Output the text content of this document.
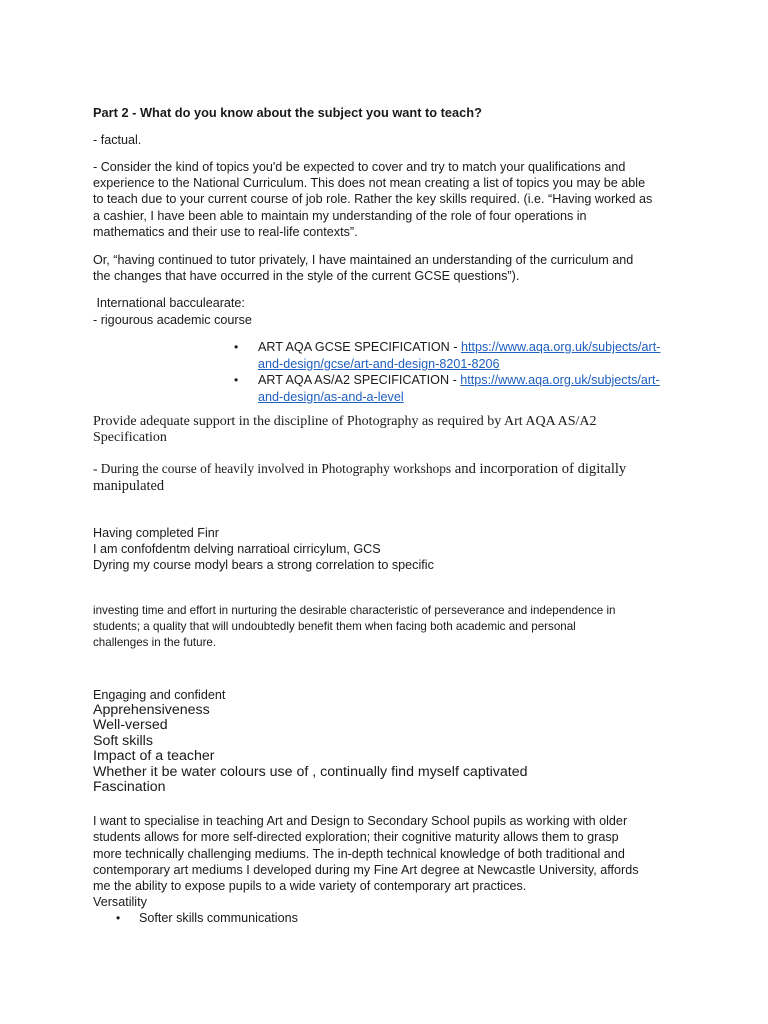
Part 2 - What do you know about the subject you want to teach?
- factual.
- Consider the kind of topics you'd be expected to cover and try to match your qualifications and
experience to the National Curriculum. This does not mean creating a list of topics you may be able
to teach due to your current course of job role. Rather the key skills required. (i.e. “Having worked as
a cashier, I have been able to maintain my understanding of the role of four operations in
mathematics and their use to real-life contexts”.
Or, “having continued to tutor privately, I have maintained an understanding of the curriculum and
the changes that have occurred in the style of the current GCSE questions”).
International bacculearate:
- rigourous academic course
• ART AQA GCSE SPECIFICATION - https://www.aqa.org.uk/subjects/art-
and-design/gcse/art-and-design-8201-8206
• ART AQA AS/A2 SPECIFICATION - https://www.aqa.org.uk/subjects/art-
and-design/as-and-a-level
Provide adequate support in the discipline of Photography as required by Art AQA AS/A2
Specification
- During the course of heavily involved in Photography workshops and incorporation of digitally
manipulated
Having completed Finr
I am confofdentm delving narratioal cirricylum, GCS
Dyring my course modyl bears a strong correlation to specific
investing time and effort in nurturing the desirable characteristic of perseverance and independence in
students; a quality that will undoubtedly benefit them when facing both academic and personal
challenges in the future.
Engaging and confident
Apprehensiveness
Well-versed
Soft skills
Impact of a teacher
Whether it be water colours use of , continually find myself captivated
Fascination
I want to specialise in teaching Art and Design to Secondary School pupils as working with older
students allows for more self-directed exploration; their cognitive maturity allows them to grasp
more technically challenging mediums. The in-depth technical knowledge of both traditional and
contemporary art mediums I developed during my Fine Art degree at Newcastle University, affords
me the ability to expose pupils to a wide variety of contemporary art practices.
Versatility
• Softer skills communications
